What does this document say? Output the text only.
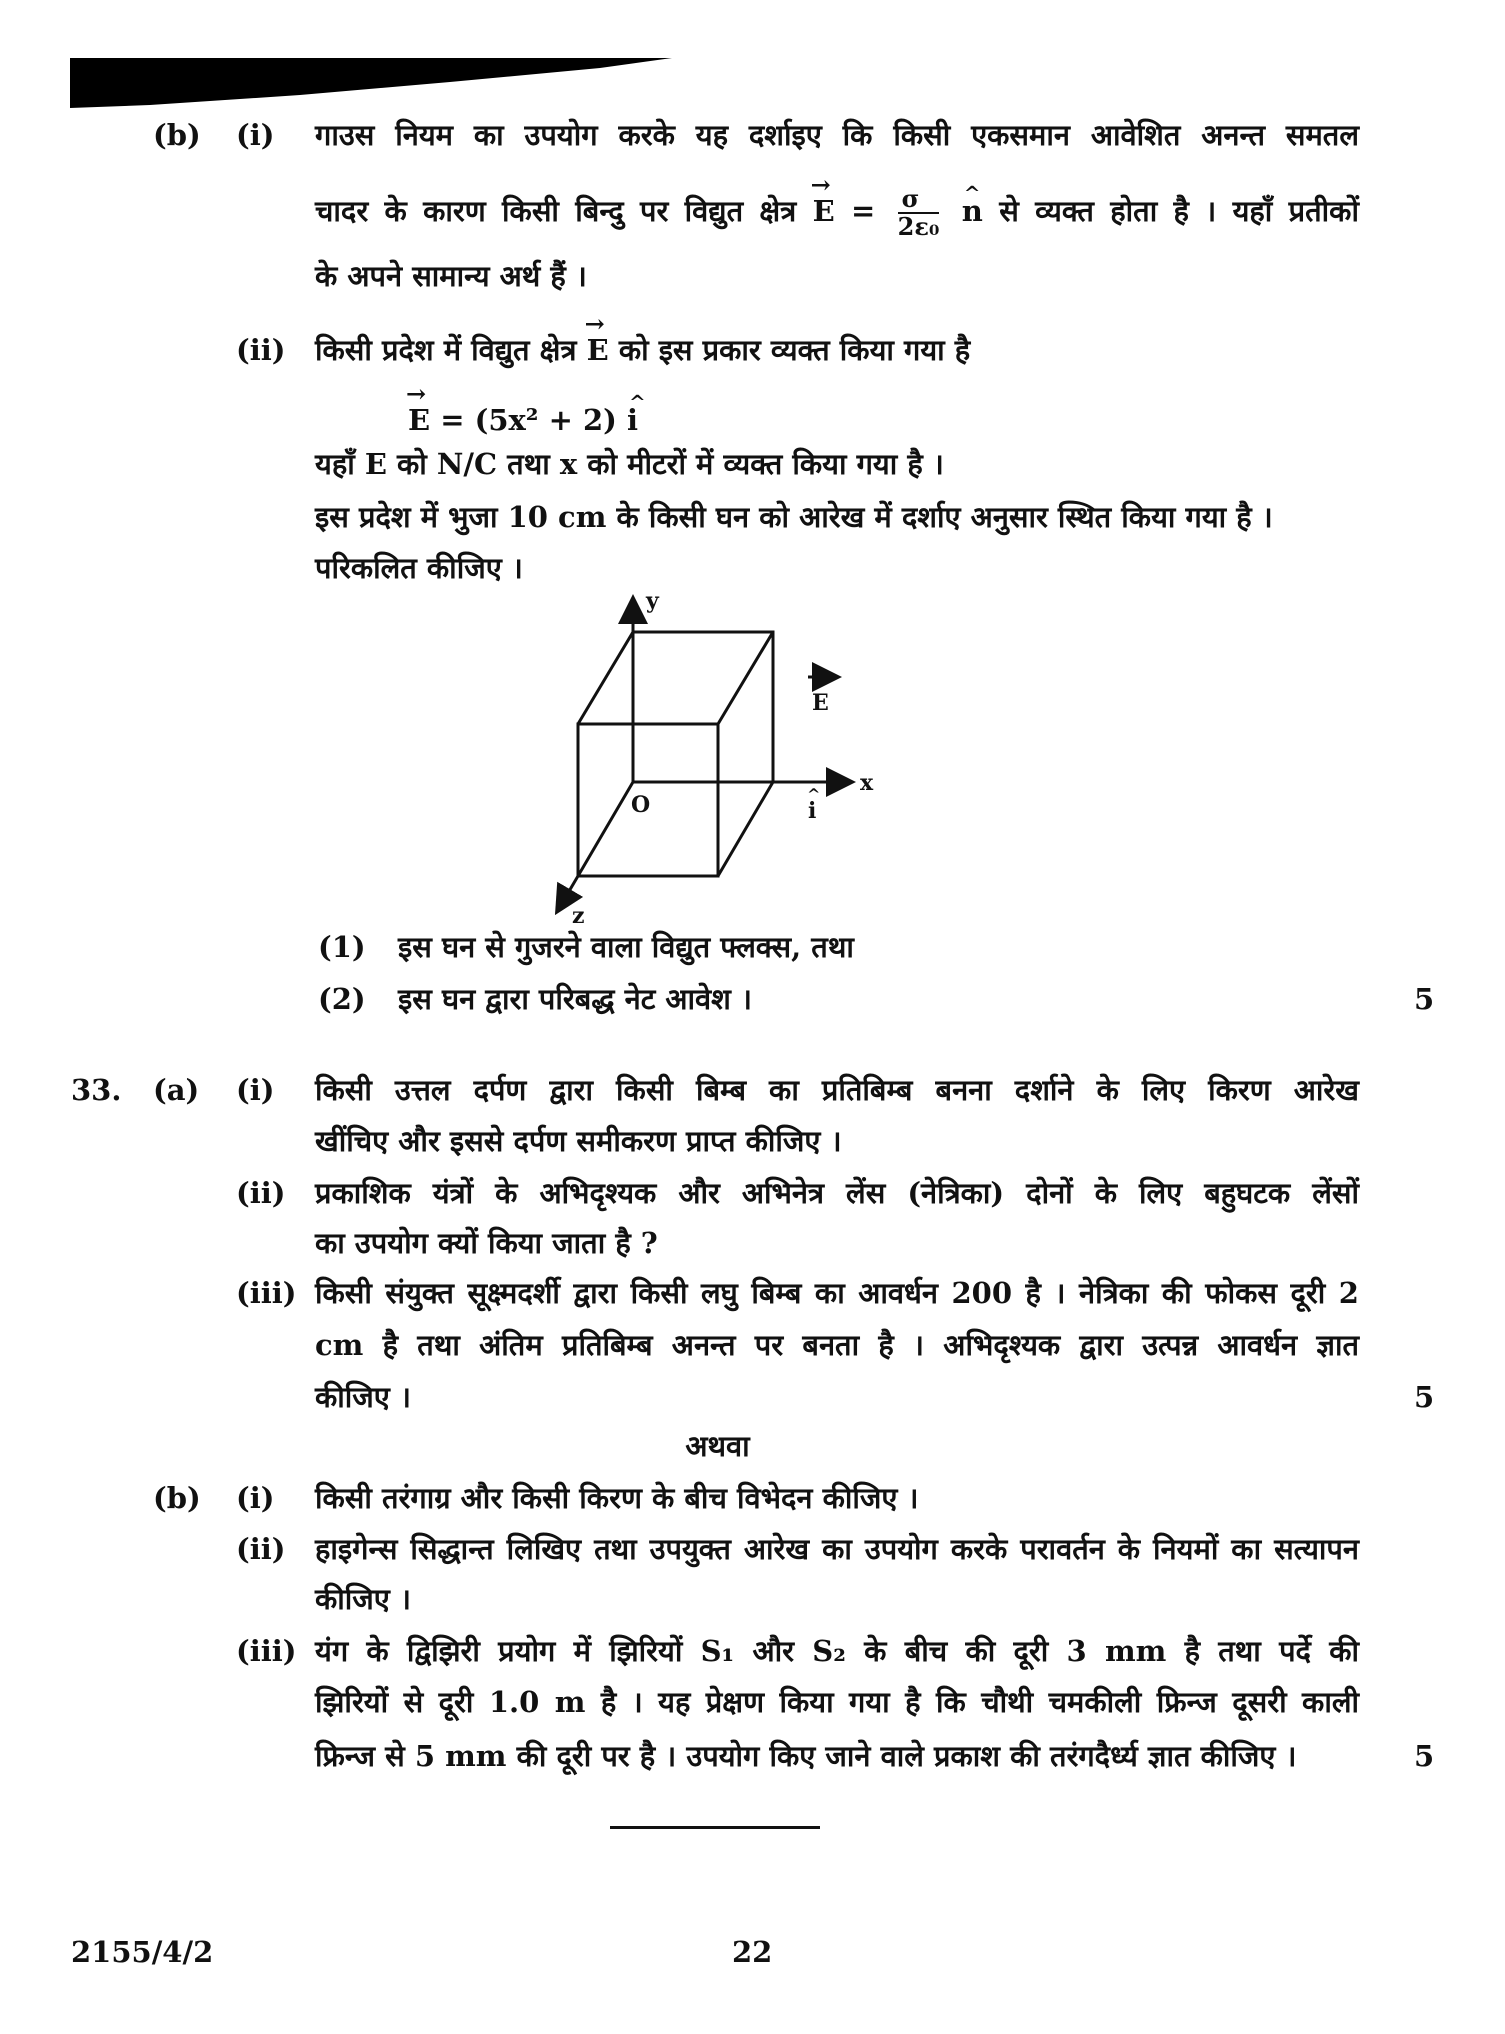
(b) (i) गाउस नियम का उपयोग करके यह दर्शाइए कि किसी एकसमान आवेशित अनन्त समतल
चादर के कारण किसी बिन्दु पर विद्युत क्षेत्र → $E = \frac{\sigma}{\text{2ε₀}}$ ^ n से व्यक्त होता है । यहाँ प्रतीकों
के अपने सामान्य अर्थ हैं ।
(ii) किसी प्रदेश में विद्युत क्षेत्र → E को इस प्रकार व्यक्त किया गया है
→ E = (5x² + 2) ^ i
यहाँ E को N/C तथा x को मीटरों में व्यक्त किया गया है ।
इस प्रदेश में भुजा 10 cm के किसी घन को आरेख में दर्शाए अनुसार स्थित किया गया है ।
परिकलित कीजिए ।
y
x
z
O
E
i
^
(1) इस घन से गुजरने वाला विद्युत फ्लक्स, तथा
(2) इस घन द्वारा परिबद्ध नेट आवेश ।	5
33. (a) (i) किसी उत्तल दर्पण द्वारा किसी बिम्ब का प्रतिबिम्ब बनना दर्शाने के लिए किरण आरेख
खींचिए और इससे दर्पण समीकरण प्राप्त कीजिए ।
(ii) प्रकाशिक यंत्रों के अभिदृश्यक और अभिनेत्र लेंस (नेत्रिका) दोनों के लिए बहुघटक लेंसों
का उपयोग क्यों किया जाता है ?
(iii) किसी संयुक्त सूक्ष्मदर्शी द्वारा किसी लघु बिम्ब का आवर्धन 200 है । नेत्रिका की फोकस दूरी 2
cm है तथा अंतिम प्रतिबिम्ब अनन्त पर बनता है । अभिदृश्यक द्वारा उत्पन्न आवर्धन ज्ञात
कीजिए ।	5
अथवा
(b) (i) किसी तरंगाग्र और किसी किरण के बीच विभेदन कीजिए ।
(ii) हाइगेन्स सिद्धान्त लिखिए तथा उपयुक्त आरेख का उपयोग करके परावर्तन के नियमों का सत्यापन
कीजिए ।
(iii) यंग के द्विझिरी प्रयोग में झिरियों S₁ और S₂ के बीच की दूरी 3 mm है तथा पर्दे की
झिरियों से दूरी 1.0 m है । यह प्रेक्षण किया गया है कि चौथी चमकीली फ्रिन्ज दूसरी काली
फ्रिन्ज से 5 mm की दूरी पर है । उपयोग किए जाने वाले प्रकाश की तरंगदैर्ध्य ज्ञात कीजिए ।	5
2155/4/2	22
